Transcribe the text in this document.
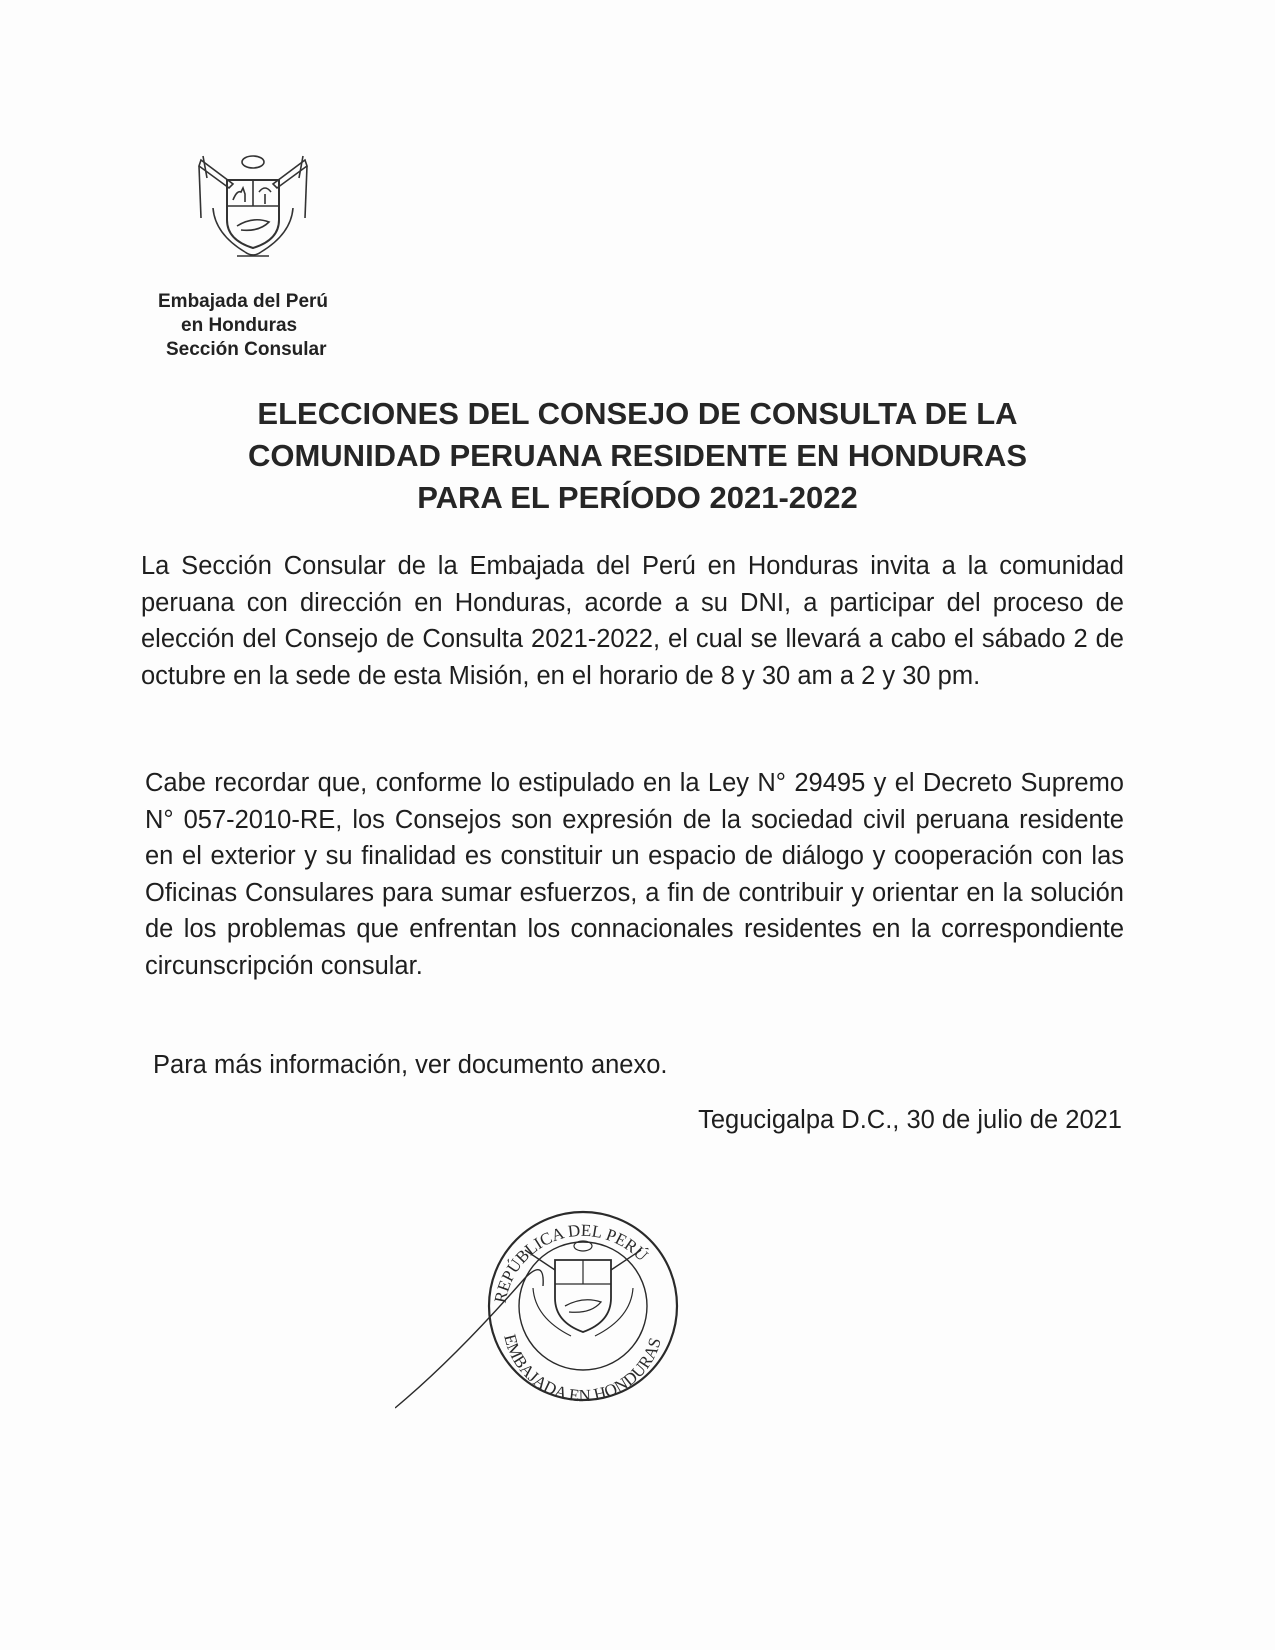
Embajada del Perú
en Honduras
Sección Consular
ELECCIONES DEL CONSEJO DE CONSULTA DE LA
COMUNIDAD PERUANA RESIDENTE EN HONDURAS
PARA EL PERÍODO 2021-2022
La Sección Consular de la Embajada del Perú en Honduras invita a la comunidad peruana con dirección en Honduras, acorde a su DNI, a participar del proceso de elección del Consejo de Consulta 2021-2022, el cual se llevará a cabo el sábado 2 de octubre en la sede de esta Misión, en el horario de 8 y 30 am a 2 y 30 pm.
Cabe recordar que, conforme lo estipulado en la Ley N° 29495 y el Decreto Supremo N° 057-2010-RE, los Consejos son expresión de la sociedad civil peruana residente en el exterior y su finalidad es constituir un espacio de diálogo y cooperación con las Oficinas Consulares para sumar esfuerzos, a fin de contribuir y orientar en la solución de los problemas que enfrentan los connacionales residentes en la correspondiente circunscripción consular.
Para más información, ver documento anexo.
Tegucigalpa D.C., 30 de julio de 2021
REPÚBLICA DEL PERÚ
EMBAJADA EN HONDURAS
